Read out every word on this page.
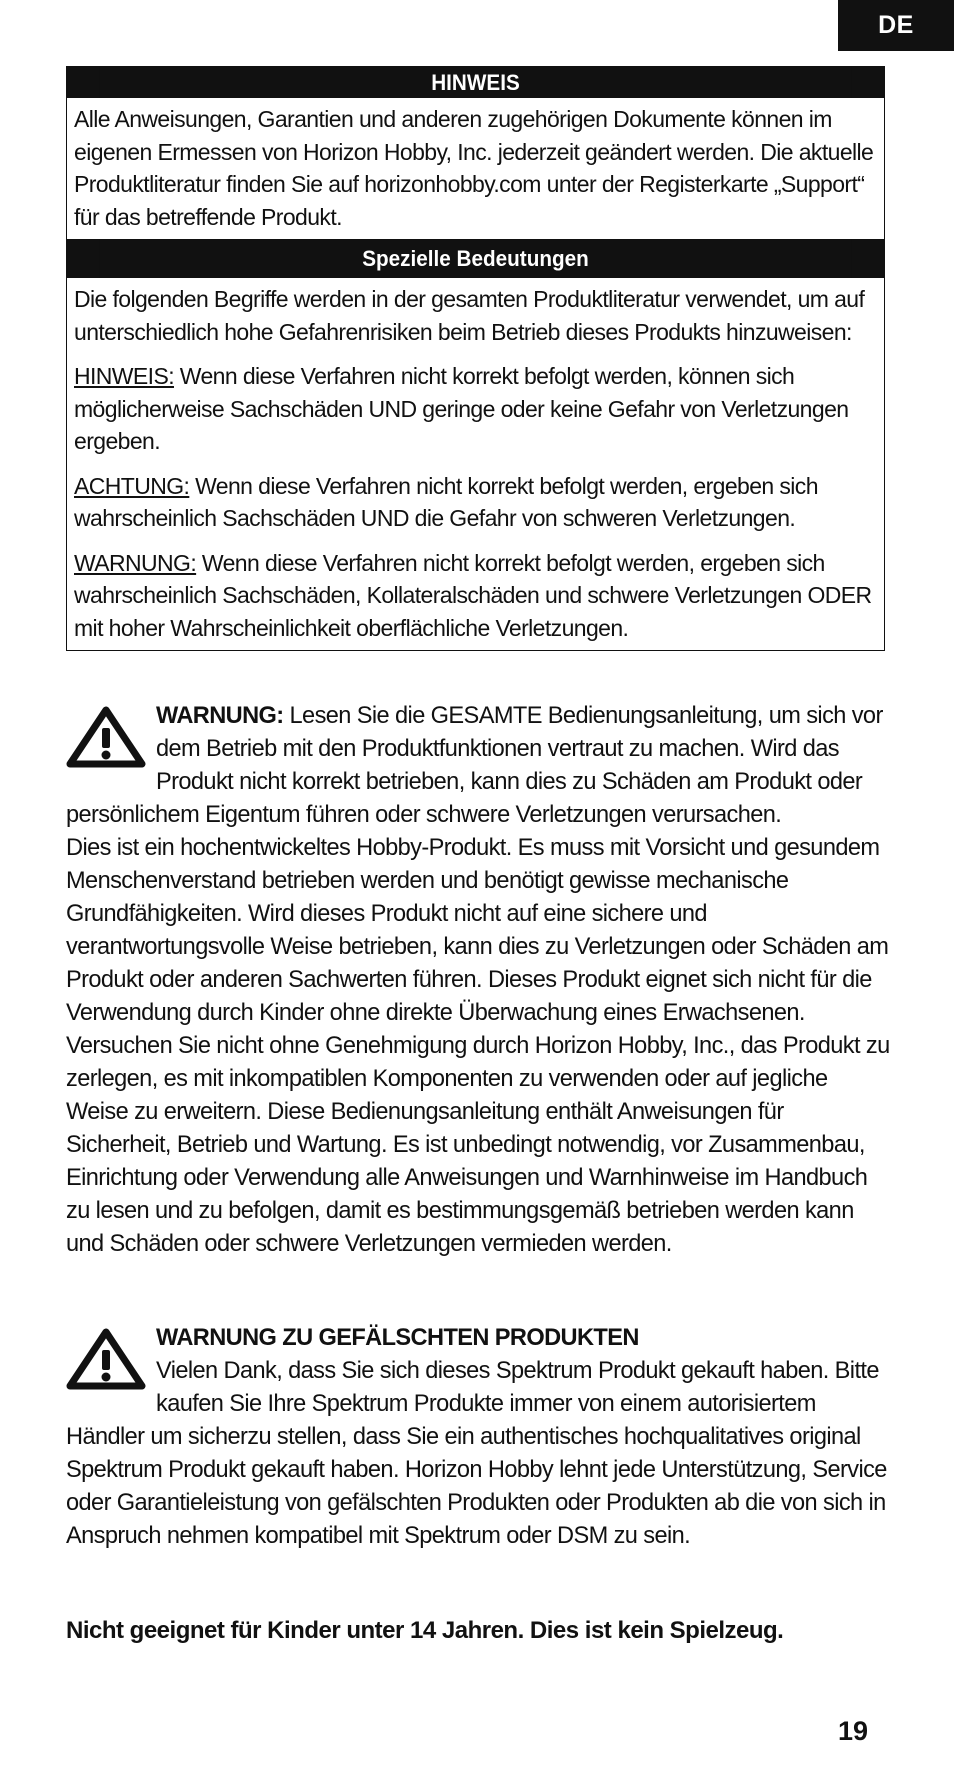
DE
HINWEIS

Alle Anweisungen, Garantien und anderen zugehörigen Dokumente können im eigenen Ermessen von Horizon Hobby, Inc. jederzeit geändert werden. Die aktuelle Produktliteratur finden Sie auf horizonhobby.com unter der Registerkarte „Support“ für das betreffende Produkt.

Spezielle Bedeutungen

Die folgenden Begriffe werden in der gesamten Produktliteratur verwendet, um auf unterschiedlich hohe Gefahrenrisiken beim Betrieb dieses Produkts hinzuweisen:

HINWEIS: Wenn diese Verfahren nicht korrekt befolgt werden, können sich möglicherweise Sachschäden UND geringe oder keine Gefahr von Verletzungen ergeben.

ACHTUNG: Wenn diese Verfahren nicht korrekt befolgt werden, ergeben sich wahrscheinlich Sachschäden UND die Gefahr von schweren Verletzungen.

WARNUNG: Wenn diese Verfahren nicht korrekt befolgt werden, ergeben sich wahrscheinlich Sachschäden, Kollateralschäden und schwere Verletzungen ODER mit hoher Wahrscheinlichkeit oberflächliche Verletzungen.

WARNUNG: Lesen Sie die GESAMTE Bedienungsanleitung, um sich vor dem Betrieb mit den Produktfunktionen vertraut zu machen. Wird das Produkt nicht korrekt betrieben, kann dies zu Schäden am Produkt oder persönlichem Eigentum führen oder schwere Verletzungen verursachen.
Dies ist ein hochentwickeltes Hobby-Produkt. Es muss mit Vorsicht und gesundem Menschenverstand betrieben werden und benötigt gewisse mechanische Grundfähigkeiten. Wird dieses Produkt nicht auf eine sichere und verantwortungsvolle Weise betrieben, kann dies zu Verletzungen oder Schäden am Produkt oder anderen Sachwerten führen. Dieses Produkt eignet sich nicht für die Verwendung durch Kinder ohne direkte Überwachung eines Erwachsenen. Versuchen Sie nicht ohne Genehmigung durch Horizon Hobby, Inc., das Produkt zu zerlegen, es mit inkompatiblen Komponenten zu verwenden oder auf jegliche Weise zu erweitern. Diese Bedienungsanleitung enthält Anweisungen für Sicherheit, Betrieb und Wartung. Es ist unbedingt notwendig, vor Zusammenbau, Einrichtung oder Verwendung alle Anweisungen und Warnhinweise im Handbuch zu lesen und zu befolgen, damit es bestimmungsgemäß betrieben werden kann und Schäden oder schwere Verletzungen vermieden werden.
WARNUNG ZU GEFÄLSCHTEN PRODUKTEN
Vielen Dank, dass Sie sich dieses Spektrum Produkt gekauft haben. Bitte kaufen Sie Ihre Spektrum Produkte immer von einem autorisiertem Händler um sicherzu stellen, dass Sie ein authentisches hochqualitatives original Spektrum Produkt gekauft haben. Horizon Hobby lehnt jede Unterstützung, Service oder Garantieleistung von gefälschten Produkten oder Produkten ab die von sich in Anspruch nehmen kompatibel mit Spektrum oder DSM zu sein.
Nicht geeignet für Kinder unter 14 Jahren. Dies ist kein Spielzeug.
19
